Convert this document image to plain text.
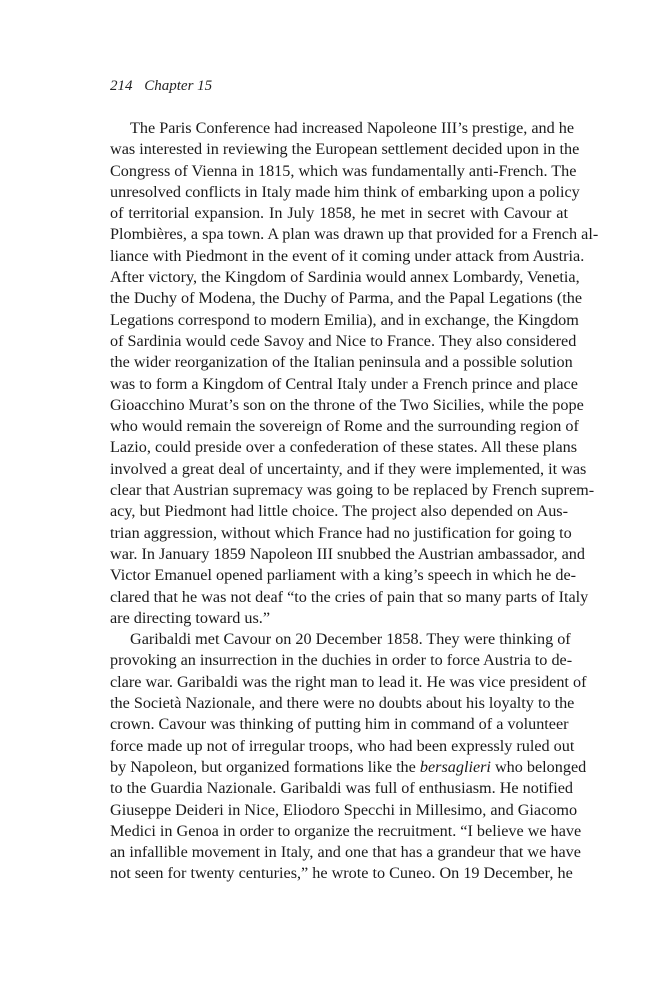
214 Chapter 15
The Paris Conference had increased Napoleone III’s prestige, and he
was interested in reviewing the European settlement decided upon in the
Congress of Vienna in 1815, which was fundamentally anti-French. The
unresolved conflicts in Italy made him think of embarking upon a policy
of territorial expansion. In July 1858, he met in secret with Cavour at
Plombières, a spa town. A plan was drawn up that provided for a French al-
liance with Piedmont in the event of it coming under attack from Austria.
After victory, the Kingdom of Sardinia would annex Lombardy, Venetia,
the Duchy of Modena, the Duchy of Parma, and the Papal Legations (the
Legations correspond to modern Emilia), and in exchange, the Kingdom
of Sardinia would cede Savoy and Nice to France. They also considered
the wider reorganization of the Italian peninsula and a possible solution
was to form a Kingdom of Central Italy under a French prince and place
Gioacchino Murat’s son on the throne of the Two Sicilies, while the pope
who would remain the sovereign of Rome and the surrounding region of
Lazio, could preside over a confederation of these states. All these plans
involved a great deal of uncertainty, and if they were implemented, it was
clear that Austrian supremacy was going to be replaced by French suprem-
acy, but Piedmont had little choice. The project also depended on Aus-
trian aggression, without which France had no justification for going to
war. In January 1859 Napoleon III snubbed the Austrian ambassador, and
Victor Emanuel opened parliament with a king’s speech in which he de-
clared that he was not deaf “to the cries of pain that so many parts of Italy
are directing toward us.”
Garibaldi met Cavour on 20 December 1858. They were thinking of
provoking an insurrection in the duchies in order to force Austria to de-
clare war. Garibaldi was the right man to lead it. He was vice president of
the Società Nazionale, and there were no doubts about his loyalty to the
crown. Cavour was thinking of putting him in command of a volunteer
force made up not of irregular troops, who had been expressly ruled out
by Napoleon, but organized formations like the bersaglieri who belonged
to the Guardia Nazionale. Garibaldi was full of enthusiasm. He notified
Giuseppe Deideri in Nice, Eliodoro Specchi in Millesimo, and Giacomo
Medici in Genoa in order to organize the recruitment. “I believe we have
an infallible movement in Italy, and one that has a grandeur that we have
not seen for twenty centuries,” he wrote to Cuneo. On 19 December, he
